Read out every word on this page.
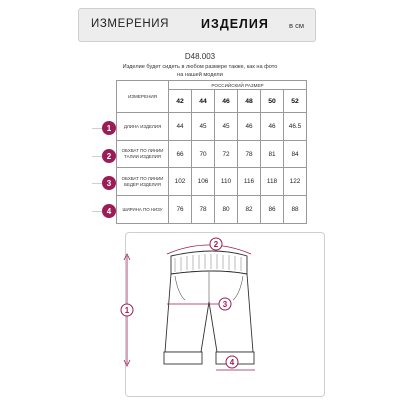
ИЗМЕРЕНИЯ	ИЗДЕЛИЯ	в см
D48.003
Изделие будет сидеть в любом размере также, как на фото
на нашей модели
1
2
3
4
ИЗМЕРЕНИЯ	РОССИЙСКИЙ РАЗМЕР					
	42	44	46	48	50	52
ДЛИНА ИЗДЕЛИЯ	44	45	45	46	46	46.5
ОБХВАТ ПО ЛИНИИ ТАЛИИ ИЗДЕЛИЯ	66	70	72	78	81	84
ОБХВАТ ПО ЛИНИИ БЕДЕР ИЗДЕЛИЯ	102	106	110	116	118	122
ШИРИНА ПО НИЗУ	76	78	80	82	86	88
1
2
3
4
